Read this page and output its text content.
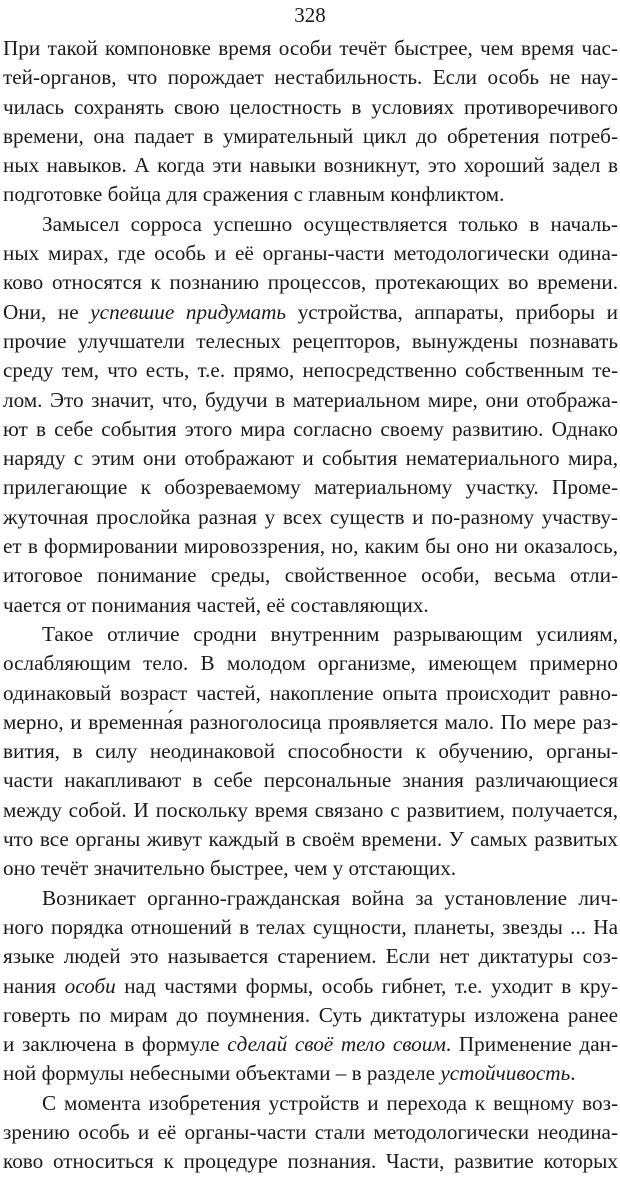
328
При такой компоновке время особи течёт быстрее, чем время час-
тей-органов, что порождает нестабильность. Если особь не нау-
чилась сохранять свою целостность в условиях противоречивого
времени, она падает в умирательный цикл до обретения потреб-
ных навыков. А когда эти навыки возникнут, это хороший задел в
подготовке бойца для сражения с главным конфликтом.
Замысел сорроса успешно осуществляется только в началь-
ных мирах, где особь и её органы-части методологически одина-
ково относятся к познанию процессов, протекающих во времени.
Они, не успевшие придумать устройства, аппараты, приборы и
прочие улучшатели телесных рецепторов, вынуждены познавать
среду тем, что есть, т.е. прямо, непосредственно собственным те-
лом. Это значит, что, будучи в материальном мире, они отобража-
ют в себе события этого мира согласно своему развитию. Однако
наряду с этим они отображают и события нематериального мира,
прилегающие к обозреваемому материальному участку. Проме-
жуточная прослойка разная у всех существ и по-разному участву-
ет в формировании мировоззрения, но, каким бы оно ни оказалось,
итоговое понимание среды, свойственное особи, весьма отли-
чается от понимания частей, её составляющих.
Такое отличие сродни внутренним разрывающим усилиям,
ослабляющим тело. В молодом организме, имеющем примерно
одинаковый возраст частей, накопление опыта происходит равно-
мерно, и временна́я разноголосица проявляется мало. По мере раз-
вития, в силу неодинаковой способности к обучению, органы-
части накапливают в себе персональные знания различающиеся
между собой. И поскольку время связано с развитием, получается,
что все органы живут каждый в своём времени. У самых развитых
оно течёт значительно быстрее, чем у отстающих.
Возникает органно-гражданская война за установление лич-
ного порядка отношений в телах сущности, планеты, звезды ... На
языке людей это называется старением. Если нет диктатуры соз-
нания особи над частями формы, особь гибнет, т.е. уходит в кру-
говерть по мирам до поумнения. Суть диктатуры изложена ранее
и заключена в формуле сделай своё тело своим. Применение дан-
ной формулы небесными объектами – в разделе устойчивость.
С момента изобретения устройств и перехода к вещному воз-
зрению особь и её органы-части стали методологически неодина-
ково относиться к процедуре познания. Части, развитие которых
